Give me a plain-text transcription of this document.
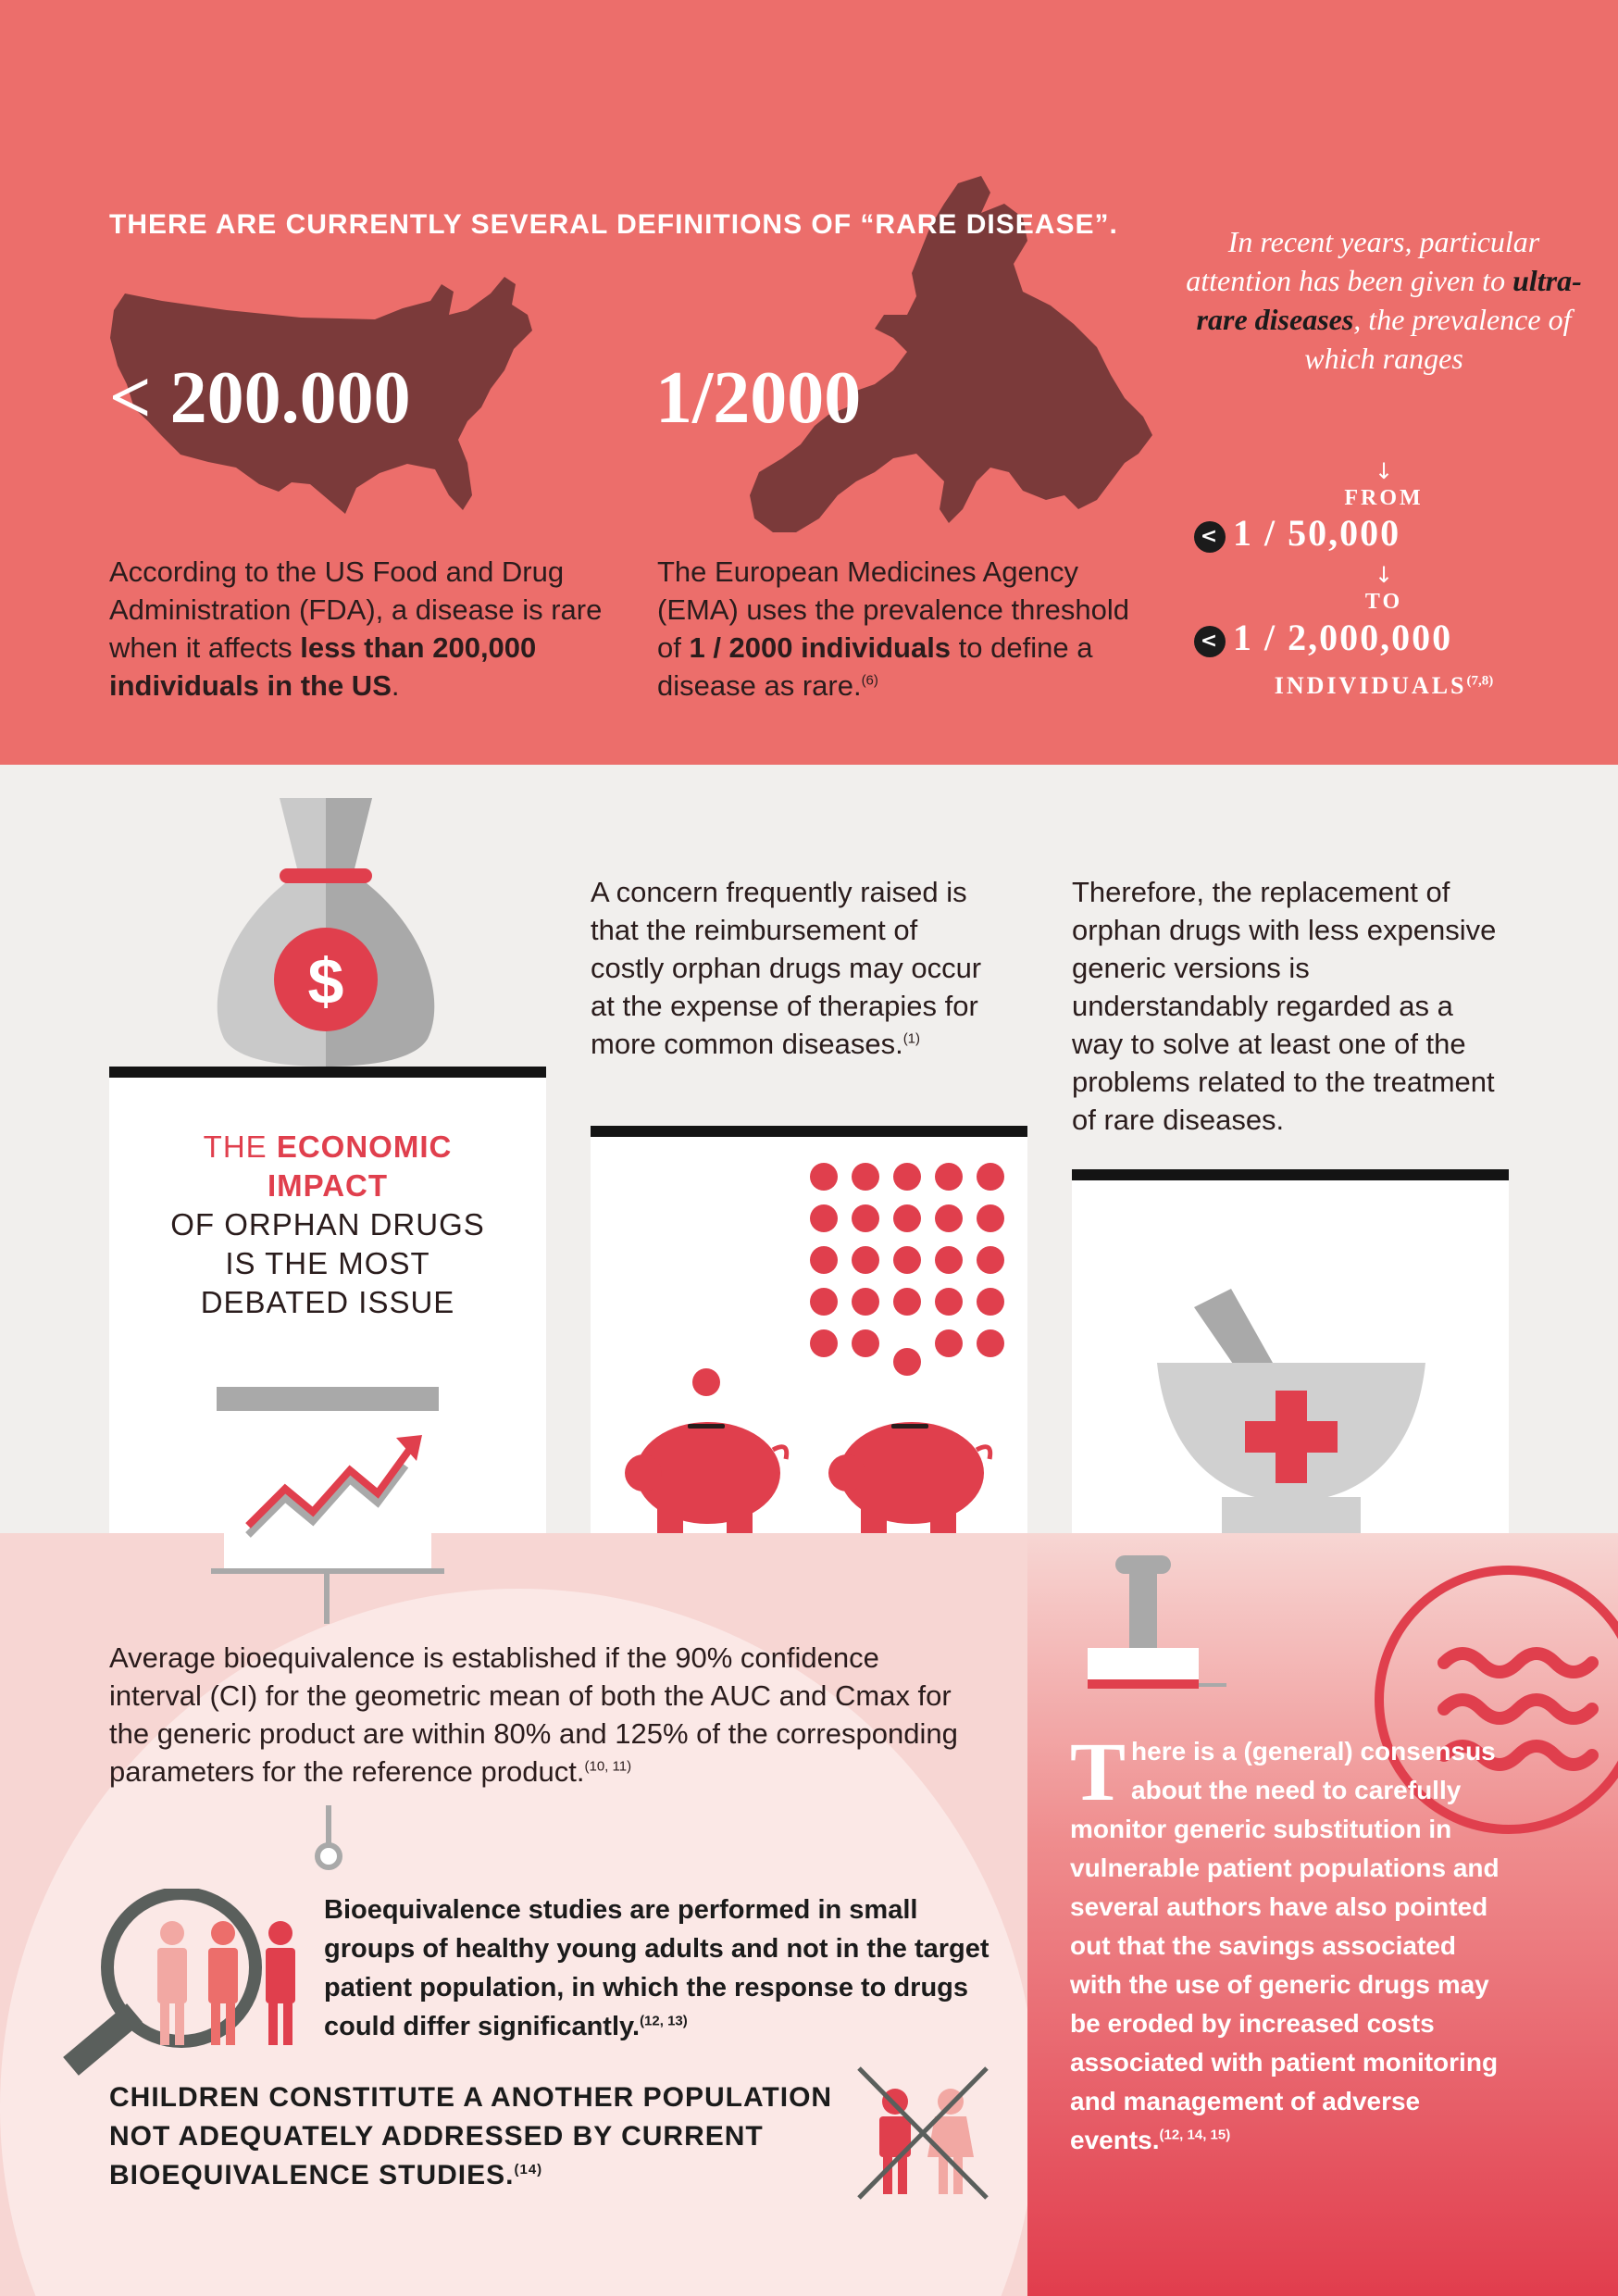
THERE ARE CURRENTLY SEVERAL DEFINITIONS OF “RARE DISEASE”.
< 200.000	1/2000
According to the US Food and Drug Administration (FDA), a disease is rare when it affects less than 200,000 individuals in the US.
The European Medicines Agency (EMA) uses the prevalence threshold of 1 / 2000 individuals to define a disease as rare.$^{(6)}$
In recent years, particular attention has been given to ultra-rare diseases, the prevalence of which ranges
↓
FROM
< 1 / 50,000
↓
TO
< 1 / 2,000,000
INDIVIDUALS$^{(7,8)}$
$
THE ECONOMIC
IMPACT
OF ORPHAN DRUGS
IS THE MOST
DEBATED ISSUE
A concern frequently raised is that the reimbursement of costly orphan drugs may occur at the expense of therapies for more common diseases.$^{(1)}$
Therefore, the replacement of orphan drugs with less expensive generic versions is understandably regarded as a way to solve at least one of the problems related to the treatment of rare diseases.
There is a (general) consensus about the need to carefully monitor generic substitution in vulnerable patient populations and several authors have also pointed out that the savings associated with the use of generic drugs may be eroded by increased costs associated with patient monitoring and management of adverse events.$^{(12, 14, 15)}$
Average bioequivalence is established if the 90% confidence interval (CI) for the geometric mean of both the AUC and Cmax for the generic product are within 80% and 125% of the corresponding parameters for the reference product.$^{(10, 11)}$
Bioequivalence studies are performed in small groups of healthy young adults and not in the target patient population, in which the response to drugs could differ significantly.$^{(12, 13)}$
CHILDREN CONSTITUTE A ANOTHER POPULATION NOT ADEQUATELY ADDRESSED BY CURRENT BIOEQUIVALENCE STUDIES.$^{(14)}$
